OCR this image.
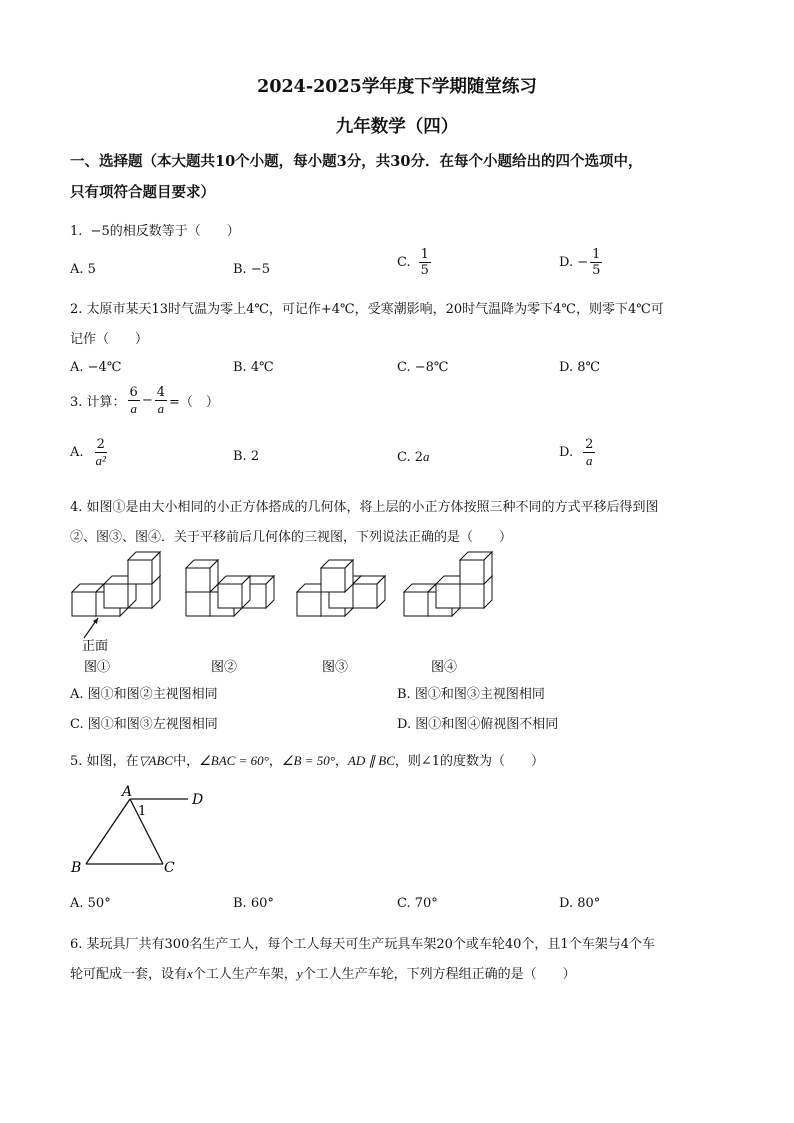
2024-2025学年度下学期随堂练习
九年数学（四）
一、选择题（本大题共10个小题，每小题3分，共30分．在每个小题给出的四个选项中，
只有项符合题目要求）
1. −5的相反数等于（　　）
A. 5	B. −5	C. $\frac{1}{5}$	D. − $\frac{1}{5}$
2. 太原市某天13时气温为零上4℃，可记作+4℃，受寒潮影响，20时气温降为零下4℃，则零下4℃可
记作（　　）
A. −4℃	B. 4℃	C. −8℃	D. 8℃
3. 计算： $\frac{6}{a} - \frac{4}{a}$ =（　）
A. $\frac{2}{\text{a²}}$	B. 2	C. 2a	D. $\frac{2}{a}$
4. 如图①是由大小相同的小正方体搭成的几何体，将上层的小正方体按照三种不同的方式平移后得到图
②、图③、图④．关于平移前后几何体的三视图，下列说法正确的是（　　）
正面
图①	图②	图③	图④
A. 图①和图②主视图相同	B. 图①和图③主视图相同
C. 图①和图③左视图相同	D. 图①和图④俯视图不相同
5. 如图，在▽ABC中，∠BAC = 60°，∠B = 50°，AD ∥ BC，则∠1的度数为（　　）
A
1
D
B	C
A. 50°	B. 60°	C. 70°	D. 80°
6. 某玩具厂共有300名生产工人，每个工人每天可生产玩具车架20个或车轮40个，且1个车架与4个车
轮可配成一套，设有x个工人生产车架，y个工人生产车轮，下列方程组正确的是（　　）
